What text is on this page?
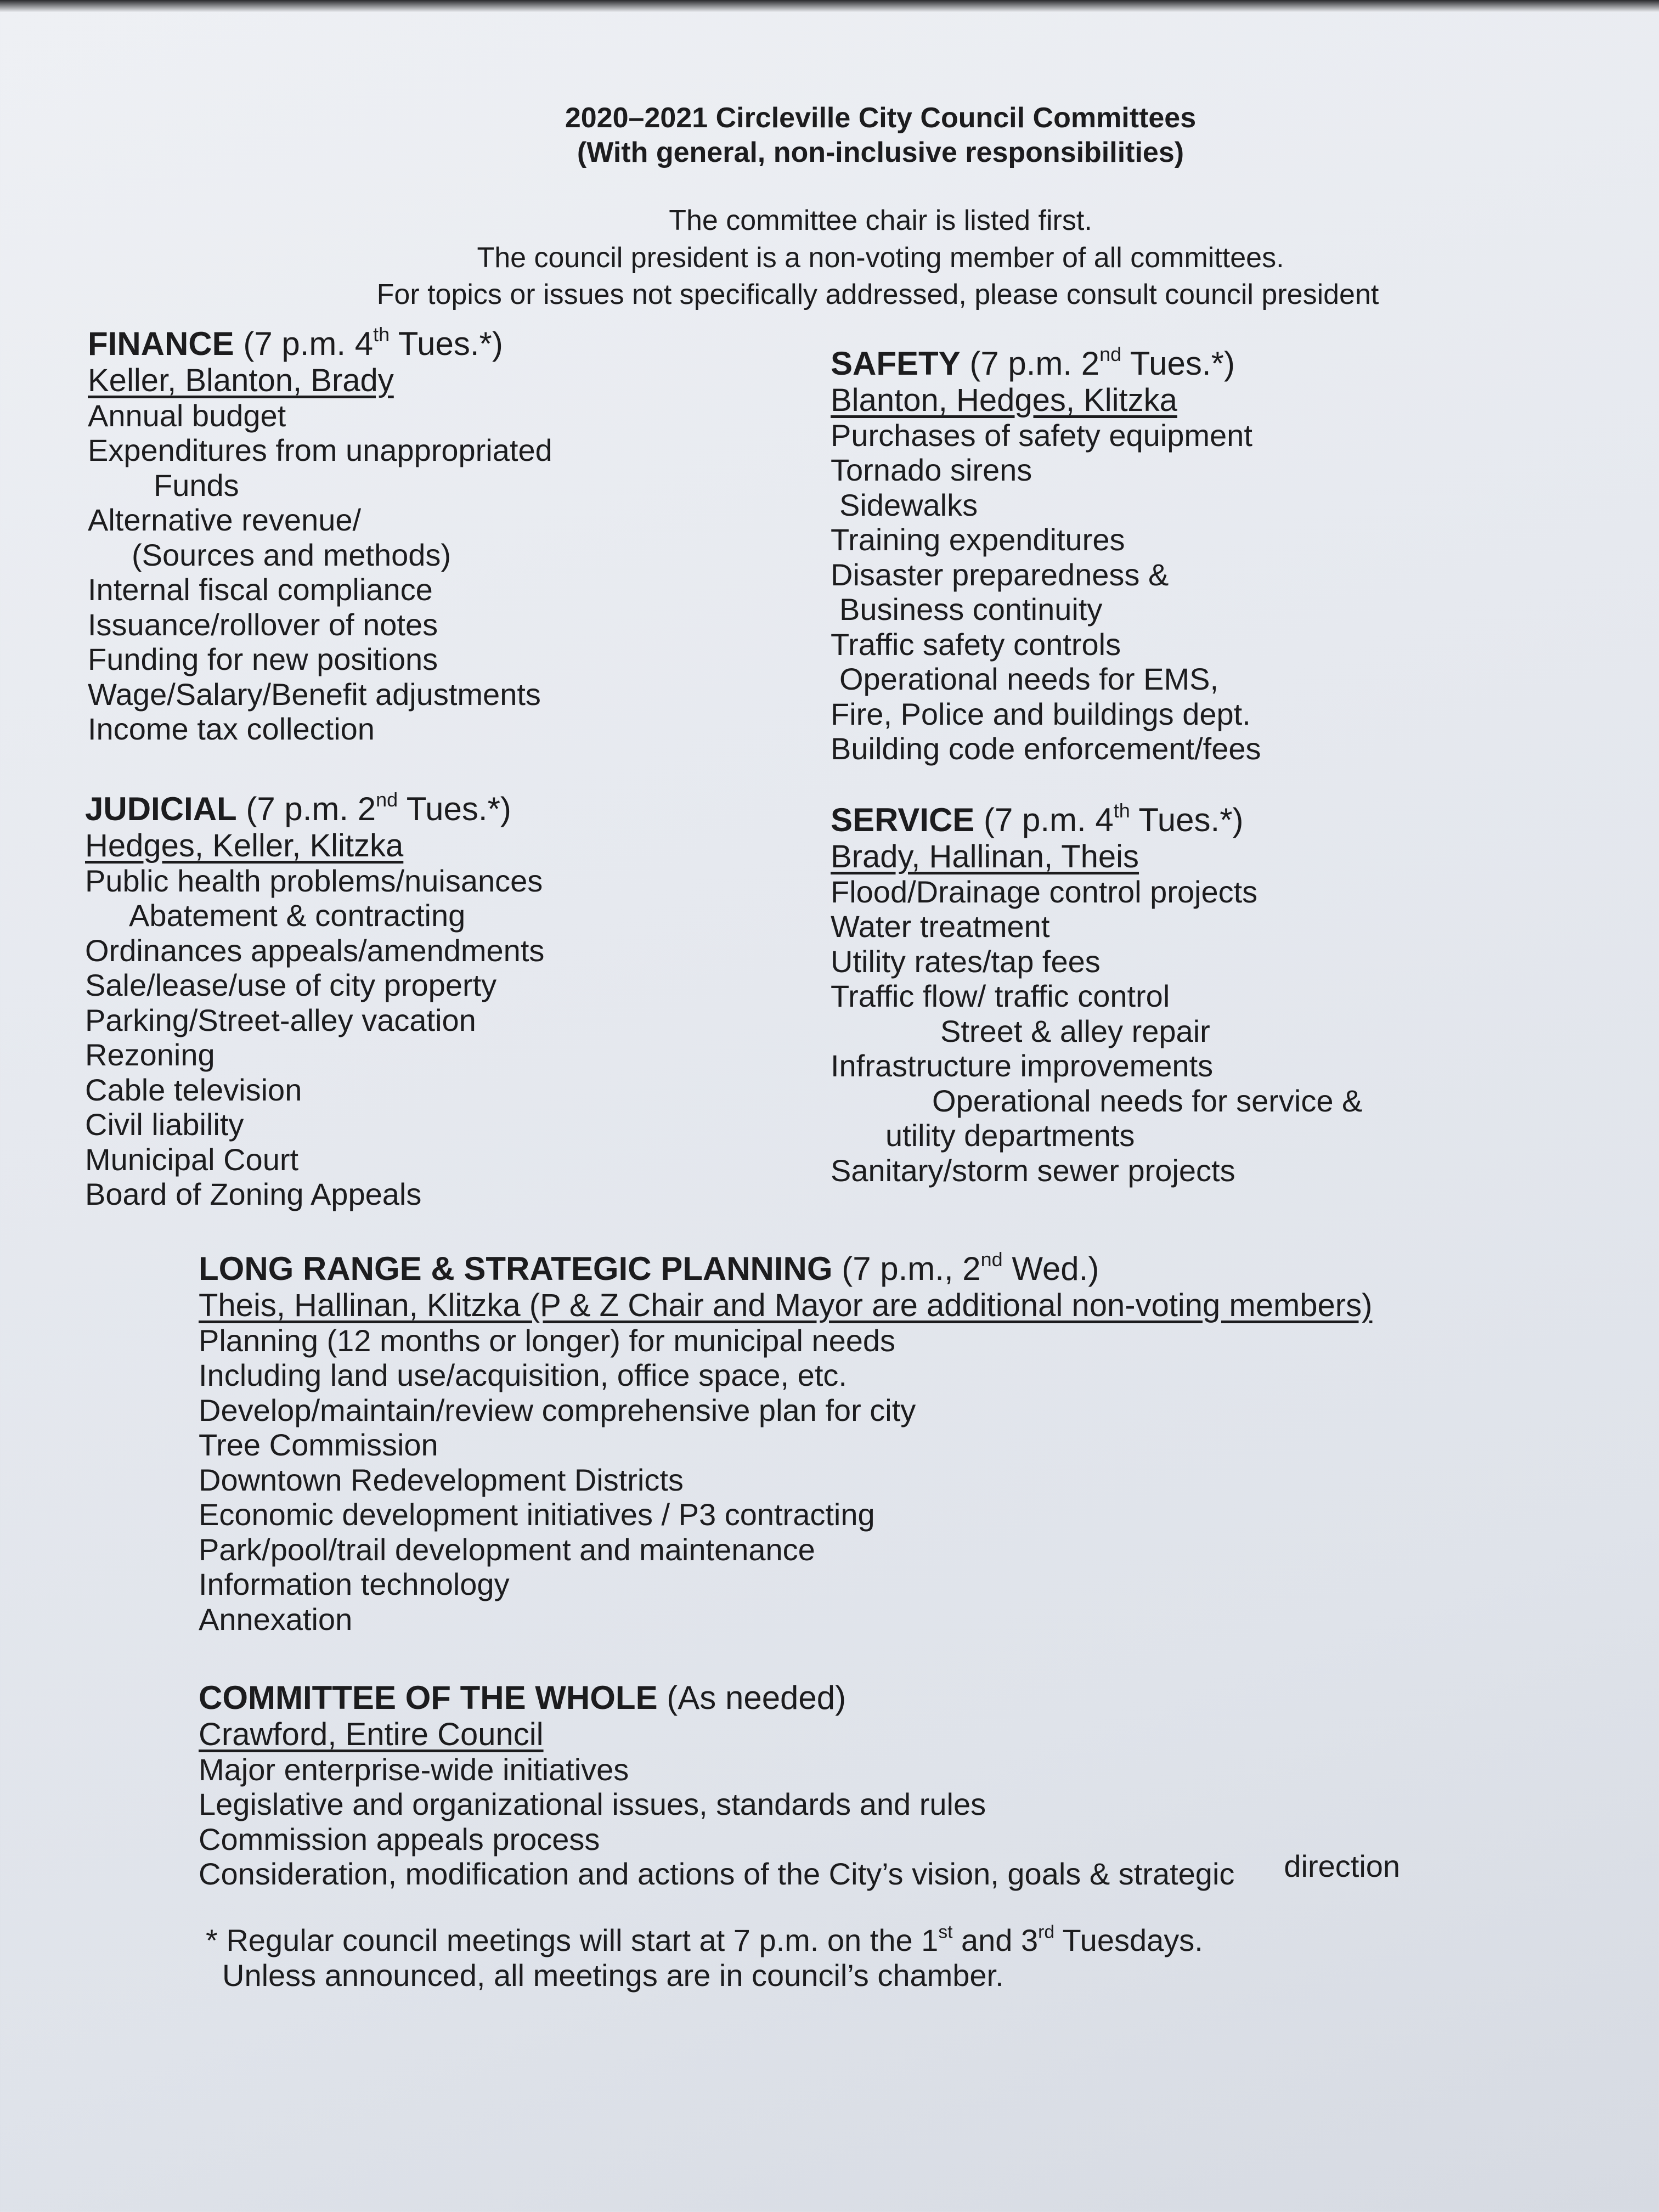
2020–2021 Circleville City Council Committees
(With general, non-inclusive responsibilities)
The committee chair is listed first.
The council president is a non-voting member of all committees.
For topics or issues not specifically addressed, please consult council president
FINANCE (7 p.m. 4th Tues.*)
Keller, Blanton, Brady
Annual budget
Expenditures from unappropriated
Funds
Alternative revenue/
(Sources and methods)
Internal fiscal compliance
Issuance/rollover of notes
Funding for new positions
Wage/Salary/Benefit adjustments
Income tax collection
SAFETY (7 p.m. 2nd Tues.*)
Blanton, Hedges, Klitzka
Purchases of safety equipment
Tornado sirens
Sidewalks
Training expenditures
Disaster preparedness &
Business continuity
Traffic safety controls
Operational needs for EMS,
Fire, Police and buildings dept.
Building code enforcement/fees
JUDICIAL (7 p.m. 2nd Tues.*)
Hedges, Keller, Klitzka
Public health problems/nuisances
Abatement & contracting
Ordinances appeals/amendments
Sale/lease/use of city property
Parking/Street-alley vacation
Rezoning
Cable television
Civil liability
Municipal Court
Board of Zoning Appeals
SERVICE (7 p.m. 4th Tues.*)
Brady, Hallinan, Theis
Flood/Drainage control projects
Water treatment
Utility rates/tap fees
Traffic flow/ traffic control
Street & alley repair
Infrastructure improvements
Operational needs for service &
utility departments
Sanitary/storm sewer projects
LONG RANGE & STRATEGIC PLANNING (7 p.m., 2nd Wed.)
Theis, Hallinan, Klitzka (P & Z Chair and Mayor are additional non-voting members)
Planning (12 months or longer) for municipal needs
Including land use/acquisition, office space, etc.
Develop/maintain/review comprehensive plan for city
Tree Commission
Downtown Redevelopment Districts
Economic development initiatives / P3 contracting
Park/pool/trail development and maintenance
Information technology
Annexation
COMMITTEE OF THE WHOLE (As needed)
Crawford, Entire Council
Major enterprise-wide initiatives
Legislative and organizational issues, standards and rules
Commission appeals process
Consideration, modification and actions of the City’s vision, goals & strategic direction
* Regular council meetings will start at 7 p.m. on the 1st and 3rd Tuesdays.
Unless announced, all meetings are in council’s chamber.
